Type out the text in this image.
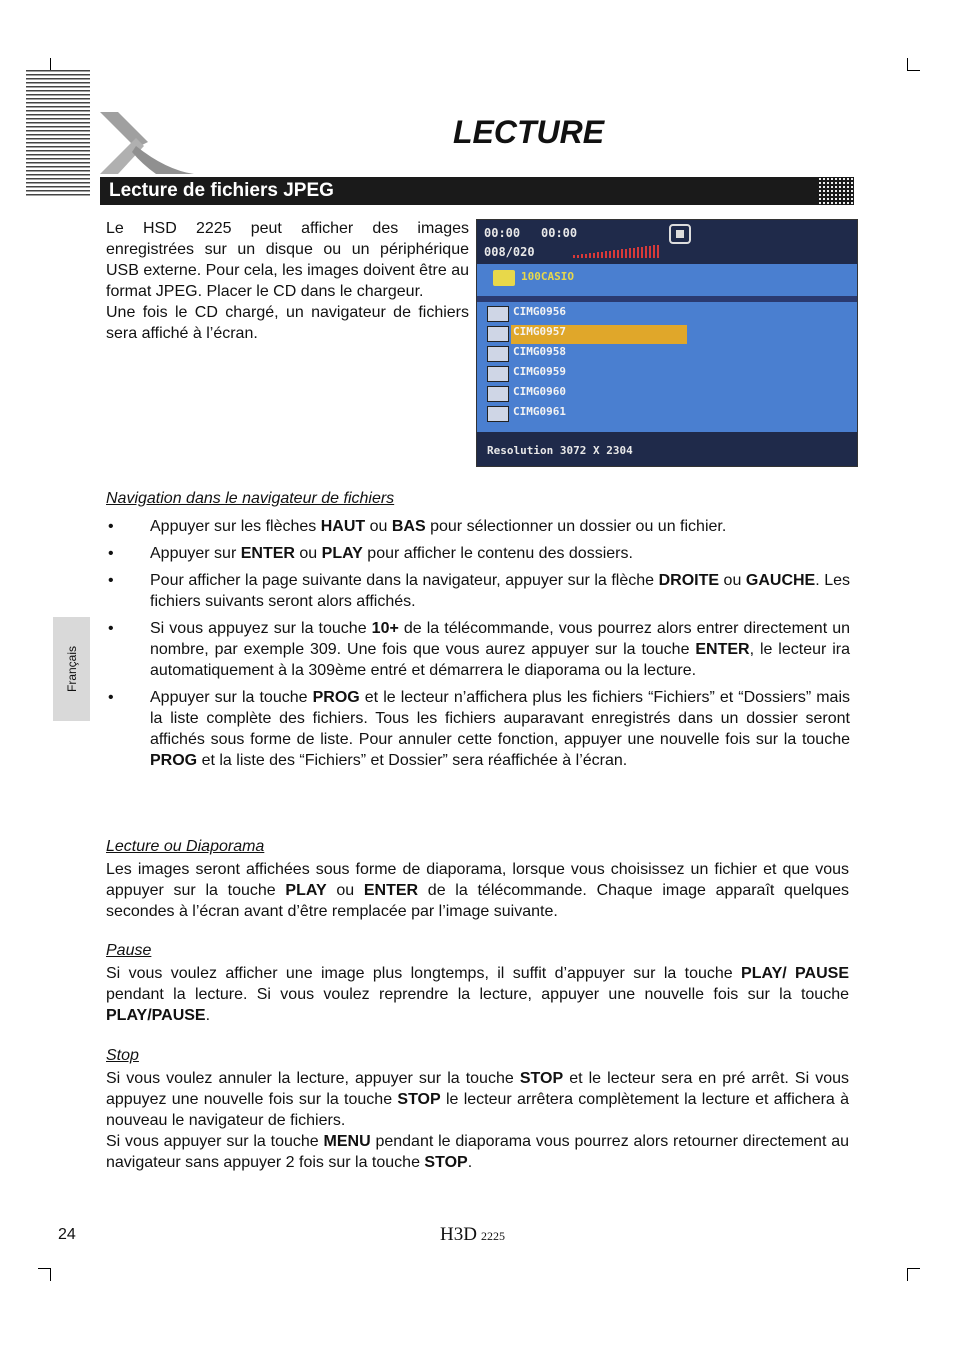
LECTURE
Lecture de fichiers JPEG

Le HSD 2225 peut afficher des images enregistrées sur un disque ou un périphérique USB externe. Pour cela, les images doivent être au format JPEG. Placer le CD dans le chargeur.

Une fois le CD chargé, un navigateur de fichiers sera affiché à l’écran.

00:00 00:00
008/020
100CASIO
CIMG0956
CIMG0957
CIMG0958
CIMG0959
CIMG0960
CIMG0961
Resolution 3072 X 2304
Navigation dans le navigateur de fichiers
• Appuyer sur les flèches HAUT ou BAS pour sélectionner un dossier ou un fichier.
• Appuyer sur ENTER ou PLAY pour afficher le contenu des dossiers.
• Pour afficher la page suivante dans la navigateur, appuyer sur la flèche DROITE ou GAUCHE. Les fichiers suivants seront alors affichés.
• Si vous appuyez sur la touche 10+ de la télécommande, vous pourrez alors entrer directement un nombre, par exemple 309. Une fois que vous aurez appuyer sur la touche ENTER, le lecteur ira automatiquement à la 309ème entré et démarrera le diaporama ou la lecture.
• Appuyer sur la touche PROG et le lecteur n’affichera plus les fichiers “Fichiers” et “Dossiers” mais la liste complète des fichiers. Tous les fichiers auparavant enregistrés dans un dossier seront affichés sous forme de liste. Pour annuler cette fonction, appuyer une nouvelle fois sur la touche PROG et la liste des “Fichiers” et Dossier” sera réaffichée à l’écran.
Lecture ou Diaporama
Les images seront affichées sous forme de diaporama, lorsque vous choisissez un fichier et que vous appuyer sur la touche PLAY ou ENTER de la télécommande. Chaque image apparaît quelques secondes à l’écran avant d’être remplacée par l’image suivante.
Pause
Si vous voulez afficher une image plus longtemps, il suffit d’appuyer sur la touche PLAY/ PAUSE pendant la lecture. Si vous voulez reprendre la lecture, appuyer une nouvelle fois sur la touche PLAY/PAUSE.
Stop

Si vous voulez annuler la lecture, appuyer sur la touche STOP et le lecteur sera en pré arrêt. Si vous appuyez une nouvelle fois sur la touche STOP le lecteur arrêtera complètement la lecture et affichera à nouveau le navigateur de fichiers.

Si vous appuyer sur la touche MENU pendant le diaporama vous pourrez alors retourner directement au navigateur sans appuyer 2 fois sur la touche STOP.

Français
24	H3D 2225
